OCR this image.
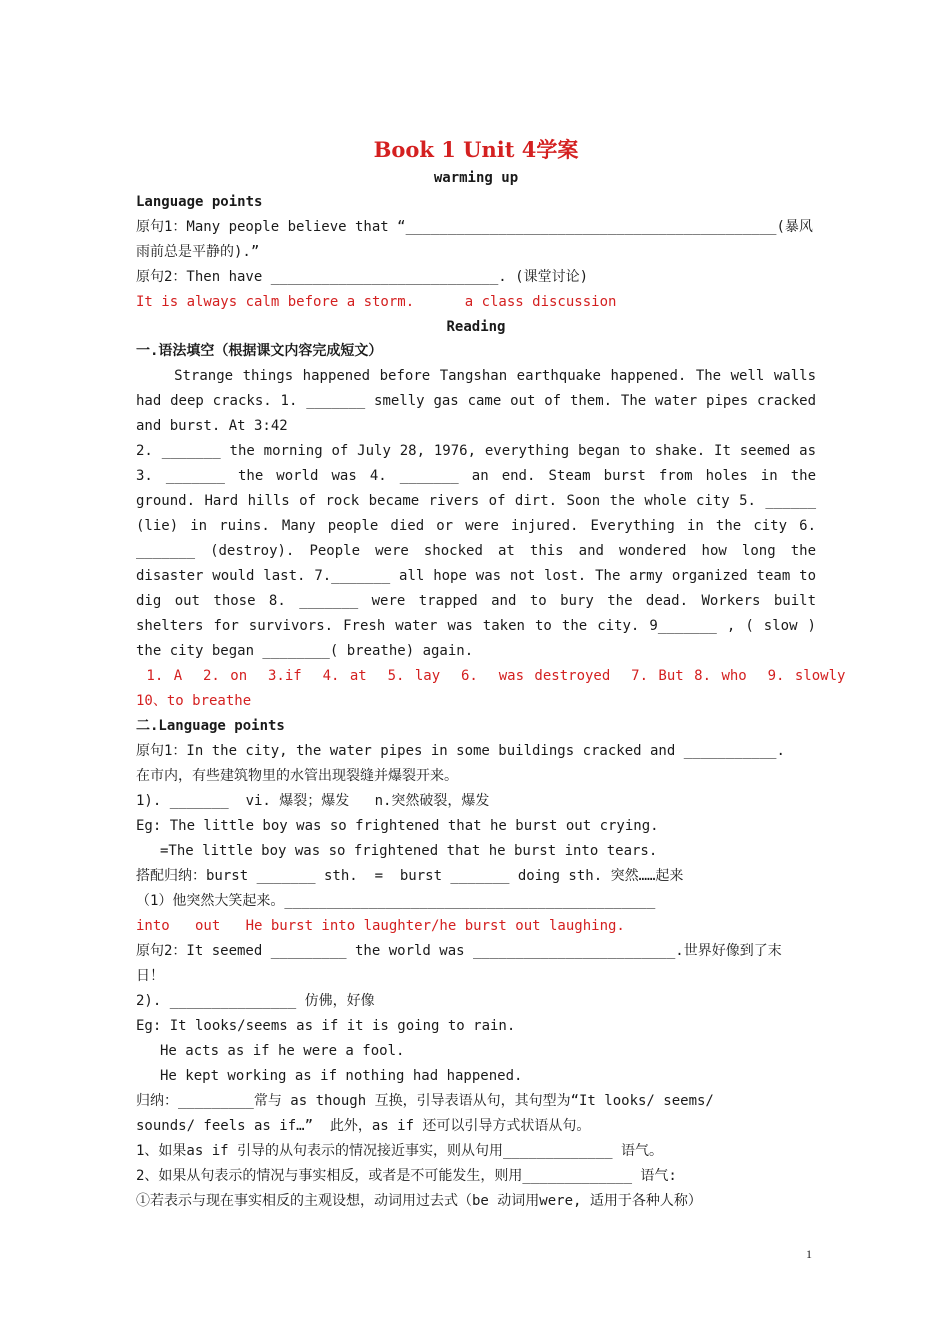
Book 1 Unit 4学案
warming up
Language points
原句1：Many people believe that “____________________________________________(暴风
雨前总是平静的).”
原句2：Then have ___________________________. (课堂讨论)
It is always calm before a storm.      a class discussion
Reading
一.语法填空（根据课文内容完成短文）
Strange things happened before Tangshan earthquake happened. The well walls had deep cracks. 1. _______ smelly gas came out of them. The water pipes cracked and burst. At 3:42
2. _______ the morning of July 28, 1976, everything began to shake. It seemed as 3. _______ the world was 4. _______ an end. Steam burst from holes in the ground. Hard hills of rock became rivers of dirt. Soon the whole city 5. ______ (lie) in ruins. Many people died or were injured. Everything in the city 6. _______ (destroy). People were shocked at this and wondered how long the disaster would last. 7._______ all hope was not lost. The army organized team to dig out those 8. _______ were trapped and to bury the dead. Workers built shelters for survivors. Fresh water was taken to the city. 9_______ , ( slow ) the city began ________( breathe) again.
1. A  2. on  3.if  4. at  5. lay  6.  was destroyed  7. But 8. who  9. slowly
10、to breathe
二.Language points
原句1：In the city, the water pipes in some buildings cracked and ___________.
在市内，有些建筑物里的水管出现裂缝并爆裂开来。
1). _______  vi. 爆裂；爆发   n.突然破裂，爆发
Eg: The little boy was so frightened that he burst out crying.
=The little boy was so frightened that he burst into tears.
搭配归纳：burst _______ sth.  =  burst _______ doing sth. 突然……起来
（1）他突然大笑起来。____________________________________________
into   out   He burst into laughter/he burst out laughing.
原句2：It seemed _________ the world was ________________________.世界好像到了末
日！
2). _______________ 仿佛，好像
Eg: It looks/seems as if it is going to rain.
He acts as if he were a fool.
He kept working as if nothing had happened.
归纳：_________常与 as though 互换，引导表语从句，其句型为“It looks/ seems/
sounds/ feels as if…”  此外，as if 还可以引导方式状语从句。
1、如果as if 引导的从句表示的情况接近事实，则从句用_____________ 语气。
2、如果从句表示的情况与事实相反，或者是不可能发生，则用_____________ 语气:
①若表示与现在事实相反的主观设想，动词用过去式（be 动词用were, 适用于各种人称）
1
